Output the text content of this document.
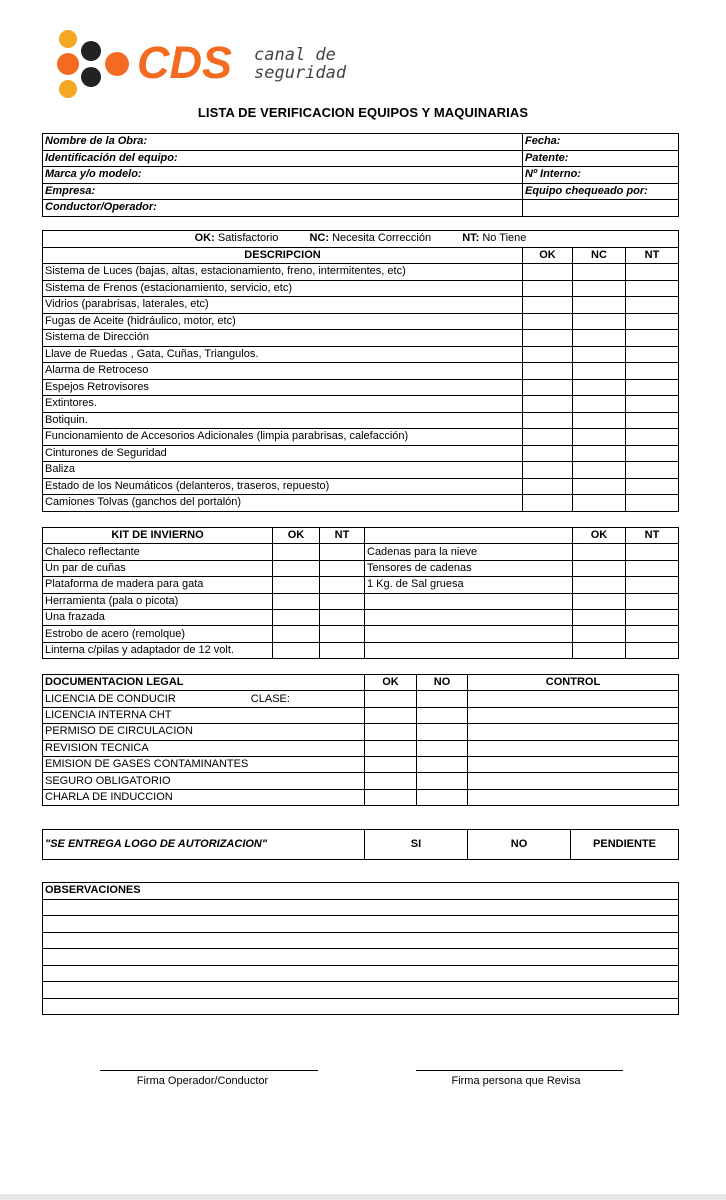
CDS canal de
seguridad
LISTA DE VERIFICACION EQUIPOS Y MAQUINARIAS
Nombre de la Obra:	Fecha:
Identificación del equipo:	Patente:
Marca y/o modelo:	Nº Interno:
Empresa:	Equipo chequeado por:
Conductor/Operador:	
OK: Satisfactorio NC: Necesita Corrección NT: No Tiene			
DESCRIPCION	OK	NC	NT
Sistema de Luces (bajas, altas, estacionamiento, freno, intermitentes, etc)			
Sistema de Frenos (estacionamiento, servicio, etc)			
Vidrios (parabrisas, laterales, etc)			
Fugas de Aceite (hidráulico, motor, etc)			
Sistema de Dirección			
Llave de Ruedas , Gata, Cuñas, Triangulos.			
Alarma de Retroceso			
Espejos Retrovisores			
Extintores.			
Botiquin.			
Funcionamiento de Accesorios Adicionales (limpia parabrisas, calefacción)			
Cinturones de Seguridad			
Baliza			
Estado de los Neumáticos (delanteros, traseros, repuesto)			
Camiones Tolvas (ganchos del portalón)			
KIT DE INVIERNO	OK	NT		OK	NT
Chaleco reflectante			Cadenas para la nieve		
Un par de cuñas			Tensores de cadenas		
Plataforma de madera para gata			1 Kg. de Sal gruesa		
Herramienta (pala o picota)					
Una frazada					
Estrobo de acero (remolque)					
Linterna c/pilas y adaptador de 12 volt.					
DOCUMENTACION LEGAL	OK	NO	CONTROL
LICENCIA DE CONDUCIR CLASE:			
LICENCIA INTERNA CHT			
PERMISO DE CIRCULACION			
REVISION TECNICA			
EMISION DE GASES CONTAMINANTES			
SEGURO OBLIGATORIO			
CHARLA DE INDUCCION			
"SE ENTREGA LOGO DE AUTORIZACION"	SI	NO	PENDIENTE
OBSERVACIONES

Firma Operador/Conductor	Firma persona que Revisa
